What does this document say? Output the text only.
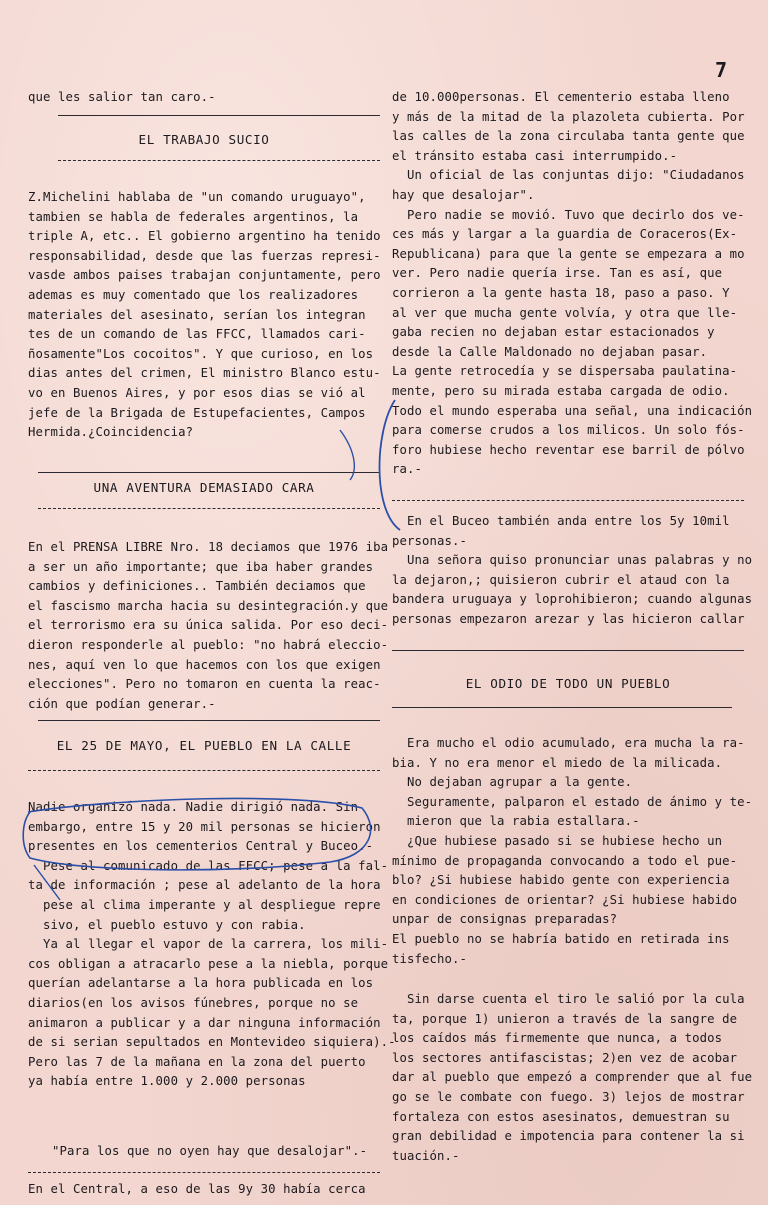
7

que les salior tan caro.-

EL TRABAJO SUCIO

Z.Michelini hablaba de "un comando uruguayo",

tambien se habla de federales argentinos, la

triple A, etc.. El gobierno argentino ha tenido

responsabilidad, desde que las fuerzas represi-

vasde ambos paises trabajan conjuntamente, pero

ademas es muy comentado que los realizadores

materiales del asesinato, serían los integran

tes de un comando de las FFCC, llamados cari-

ñosamente"Los cocoitos". Y que curioso, en los

dias antes del crimen, El ministro Blanco estu-

vo en Buenos Aires, y por esos dias se vió al

jefe de la Brigada de Estupefacientes, Campos

Hermida.¿Coincidencia?

UNA AVENTURA DEMASIADO CARA

En el PRENSA LIBRE Nro. 18 deciamos que 1976 iba

a ser un año importante; que iba haber grandes

cambios y definiciones.. También deciamos que

el fascismo marcha hacia su desintegración.y que

el terrorismo era su única salida. Por eso deci-

dieron responderle al pueblo: "no habrá eleccio-

nes, aquí ven lo que hacemos con los que exigen

elecciones". Pero no tomaron en cuenta la reac-

ción que podían generar.-

EL 25 DE MAYO, EL PUEBLO EN LA CALLE

Nadie organizó nada. Nadie dirigió nada. Sin

embargo, entre 15 y 20 mil personas se hicieron

presentes en los cementerios Central y Buceo.-

Pese al comunicado de las FFCC; pese a la fal-

ta de información ; pese al adelanto de la hora

pese al clima imperante y al despliegue repre

sivo, el pueblo estuvo y con rabia.

Ya al llegar el vapor de la carrera, los mili-

cos obligan a atracarlo pese a la niebla, porque

querían adelantarse a la hora publicada en los

diarios(en los avisos fúnebres, porque no se

animaron a publicar y a dar ninguna información

de si serian sepultados en Montevideo siquiera).-

Pero las 7 de la mañana en la zona del puerto

ya había entre 1.000 y 2.000 personas

"Para los que no oyen hay que desalojar".-

En el Central, a eso de las 9y 30 había cerca

de 10.000personas. El cementerio estaba lleno

y más de la mitad de la plazoleta cubierta. Por

las calles de la zona circulaba tanta gente que

el tránsito estaba casi interrumpido.-

Un oficial de las conjuntas dijo: "Ciudadanos

hay que desalojar".

Pero nadie se movió. Tuvo que decirlo dos ve-

ces más y largar a la guardia de Coraceros(Ex-

Republicana) para que la gente se empezara a mo

ver. Pero nadie quería irse. Tan es así, que

corrieron a la gente hasta 18, paso a paso. Y

al ver que mucha gente volvía, y otra que lle-

gaba recien no dejaban estar estacionados y

desde la Calle Maldonado no dejaban pasar.

La gente retrocedía y se dispersaba paulatina-

mente, pero su mirada estaba cargada de odio.

Todo el mundo esperaba una señal, una indicación

para comerse crudos a los milicos. Un solo fós-

foro hubiese hecho reventar ese barril de pólvo

ra.-

En el Buceo también anda entre los 5y 10mil

personas.-

Una señora quiso pronunciar unas palabras y no

la dejaron,; quisieron cubrir el ataud con la

bandera uruguaya y loprohibieron; cuando algunas

personas empezaron arezar y las hicieron callar

EL ODIO DE TODO UN PUEBLO

Era mucho el odio acumulado, era mucha la ra-

bia. Y no era menor el miedo de la milicada.

No dejaban agrupar a la gente.

Seguramente, palparon el estado de ánimo y te-

mieron que la rabia estallara.-

¿Que hubiese pasado si se hubiese hecho un

mínimo de propaganda convocando a todo el pue-

blo? ¿Si hubiese habido gente con experiencia

en condiciones de orientar? ¿Si hubiese habido

unpar de consignas preparadas?

El pueblo no se habría batido en retirada ins

tisfecho.-

Sin darse cuenta el tiro le salió por la cula

ta, porque 1) unieron a través de la sangre de

los caídos más firmemente que nunca, a todos

los sectores antifascistas; 2)en vez de acobar

dar al pueblo que empezó a comprender que al fue

go se le combate con fuego. 3) lejos de mostrar

fortaleza con estos asesinatos, demuestran su

gran debilidad e impotencia para contener la si

tuación.-
